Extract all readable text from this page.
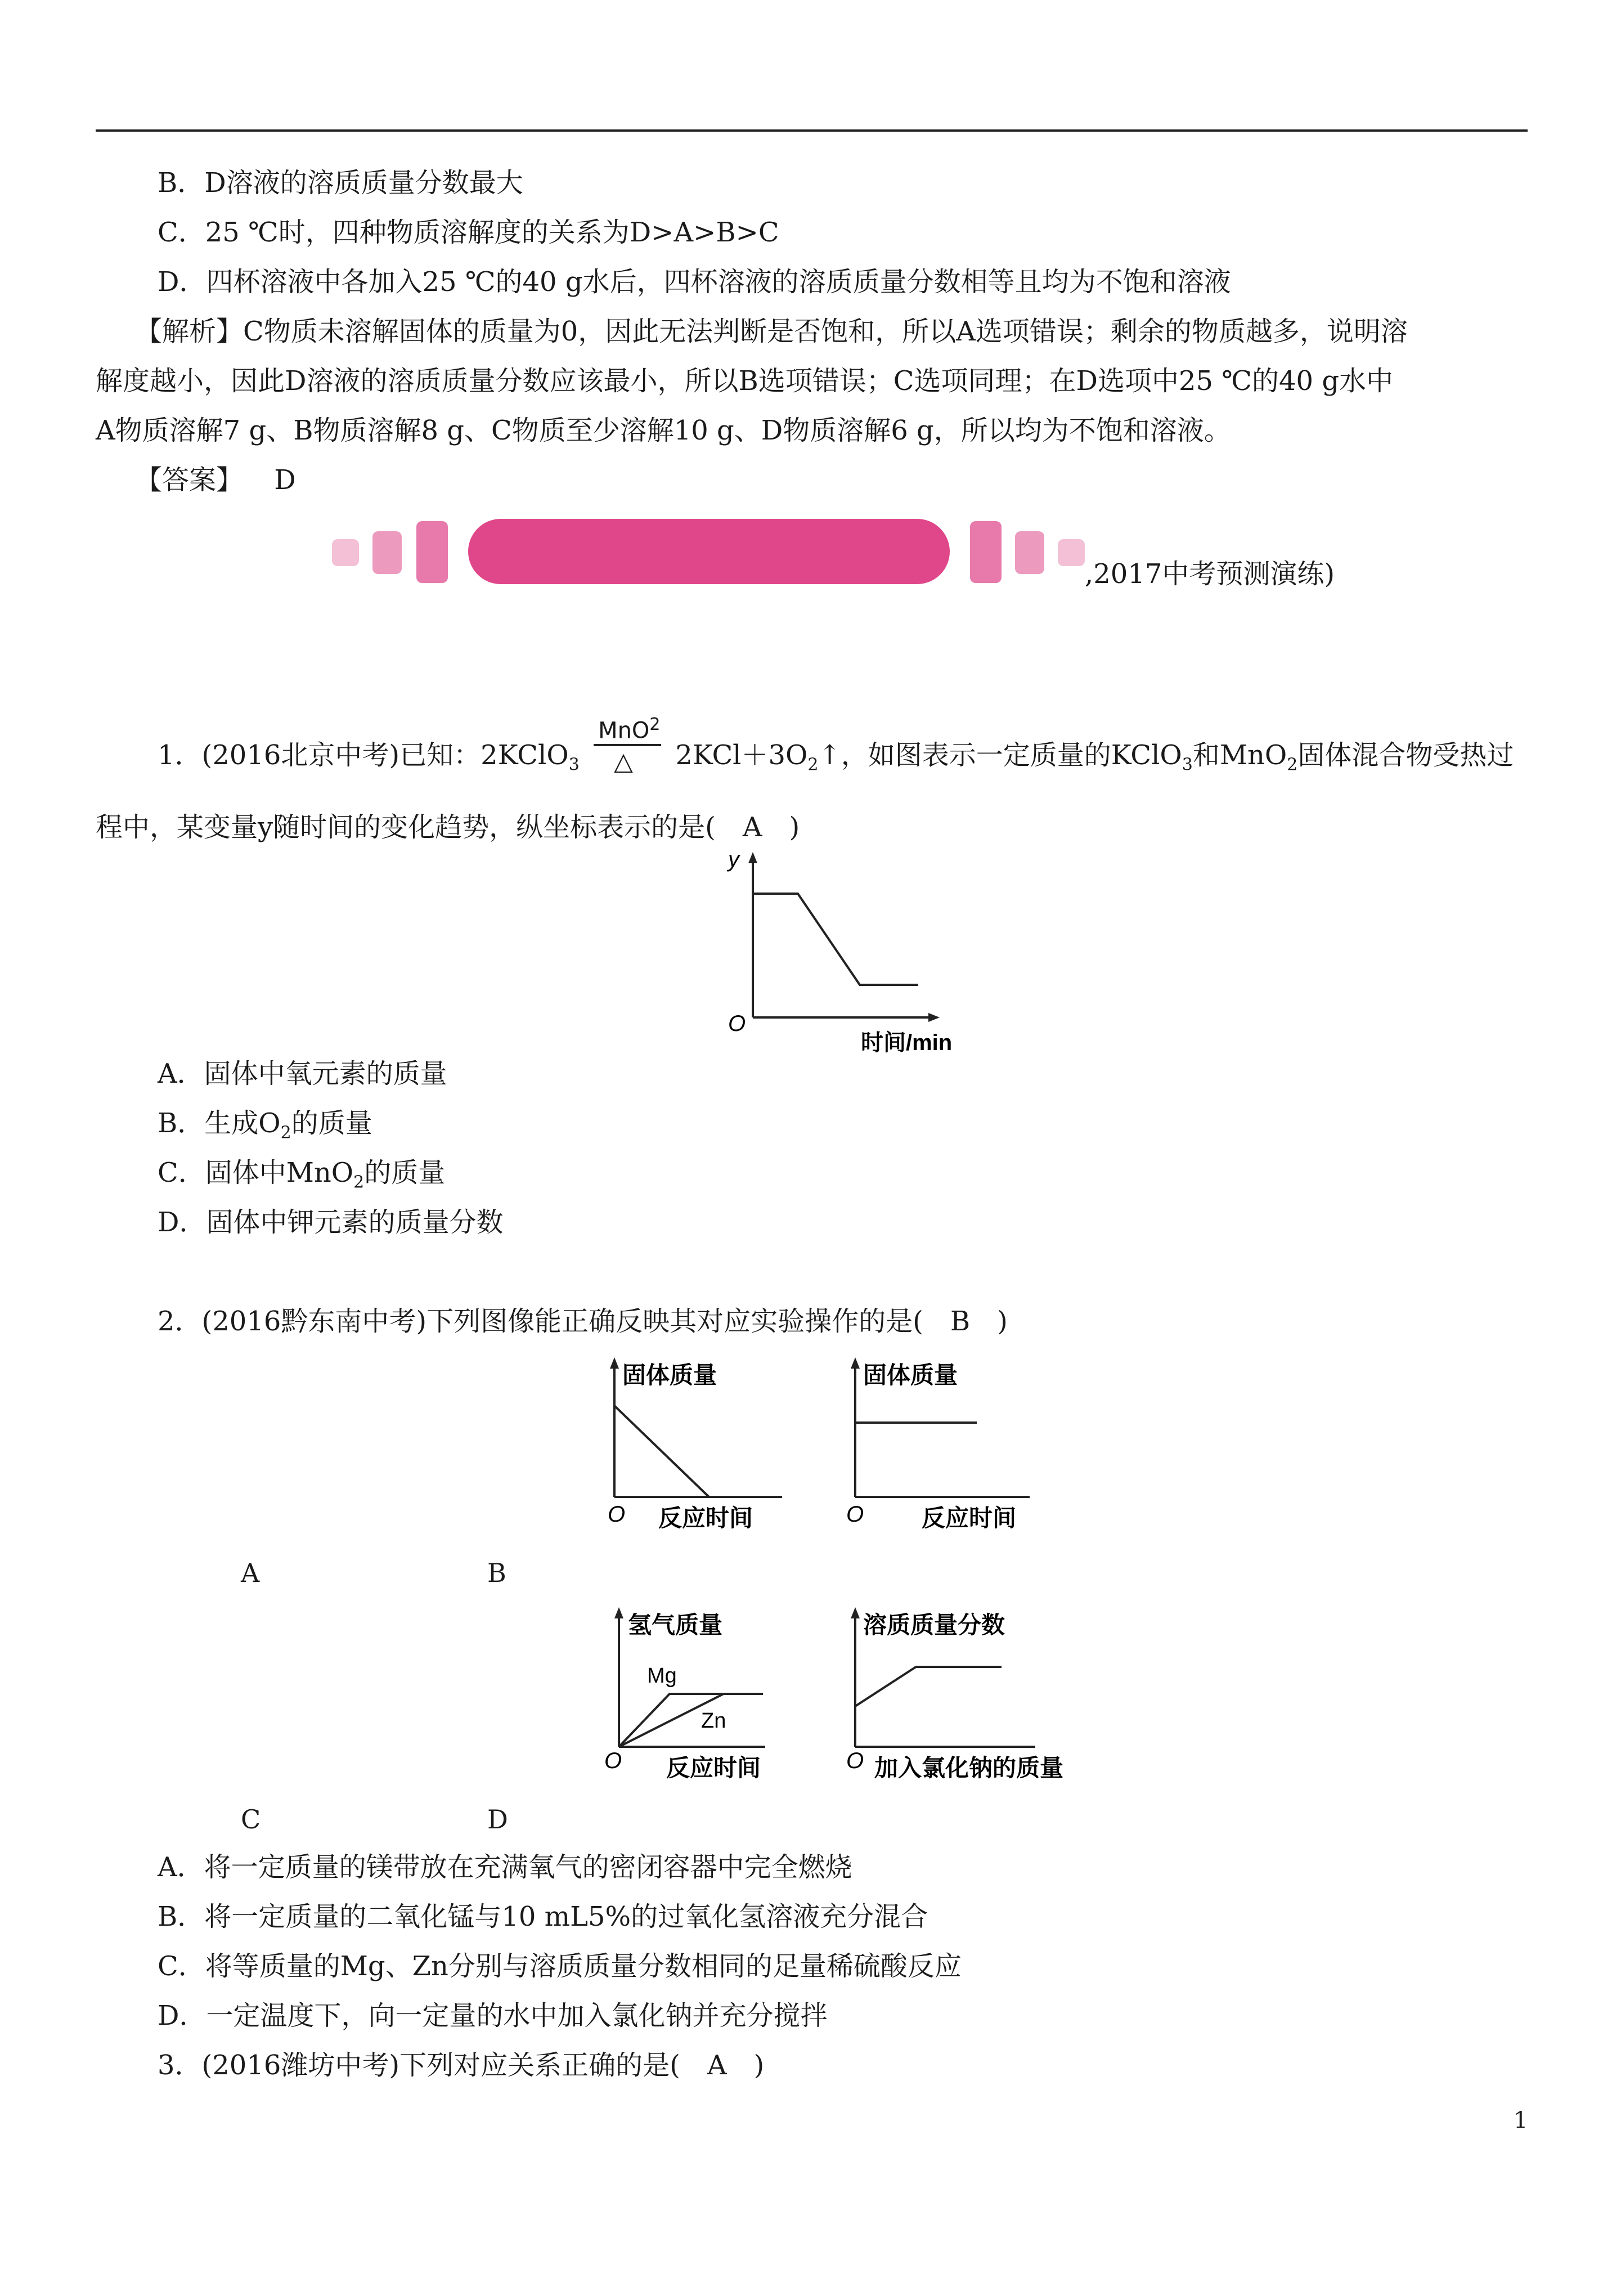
B．D溶液的溶质质量分数最大
C．25 ℃时，四种物质溶解度的关系为D>A>B>C
D．四杯溶液中各加入25 ℃的40 g水后，四杯溶液的溶质质量分数相等且均为不饱和溶液
【解析】C物质未溶解固体的质量为0，因此无法判断是否饱和，所以A选项错误；剩余的物质越多，说明溶
解度越小，因此D溶液的溶质质量分数应该最小，所以B选项错误；C选项同理；在D选项中25 ℃的40 g水中
A物质溶解7 g、B物质溶解8 g、C物质至少溶解10 g、D物质溶解6 g，所以均为不饱和溶液。
【答案】 D
,2017中考预测演练)
1．(2016北京中考)已知：2KClO$_3$
MnO$^2$
△ $2KCl+3O_2↑$，如图表示一定质量的KClO$_3$和MnO$_2$固体混合物受热过
程中，某变量y随时间的变化趋势，纵坐标表示的是(　A　)
y
O
时间/min
A．固体中氧元素的质量
B．生成$O_2$的质量
C．固体中MnO$_2$的质量
D．固体中钾元素的质量分数
2．(2016黔东南中考)下列图像能正确反映其对应实验操作的是(　B　)
固体质量
O 反应时间
固体质量
O 反应时间
A	B
氢气质量
Mg
Zn
O 反应时间
溶质质量分数
O 加入氯化钠的质量
C	D
A．将一定质量的镁带放在充满氧气的密闭容器中完全燃烧
B．将一定质量的二氧化锰与10 mL5%的过氧化氢溶液充分混合
C．将等质量的Mg、Zn分别与溶质质量分数相同的足量稀硫酸反应
D．一定温度下，向一定量的水中加入氯化钠并充分搅拌
3．(2016潍坊中考)下列对应关系正确的是(　A　)
1
